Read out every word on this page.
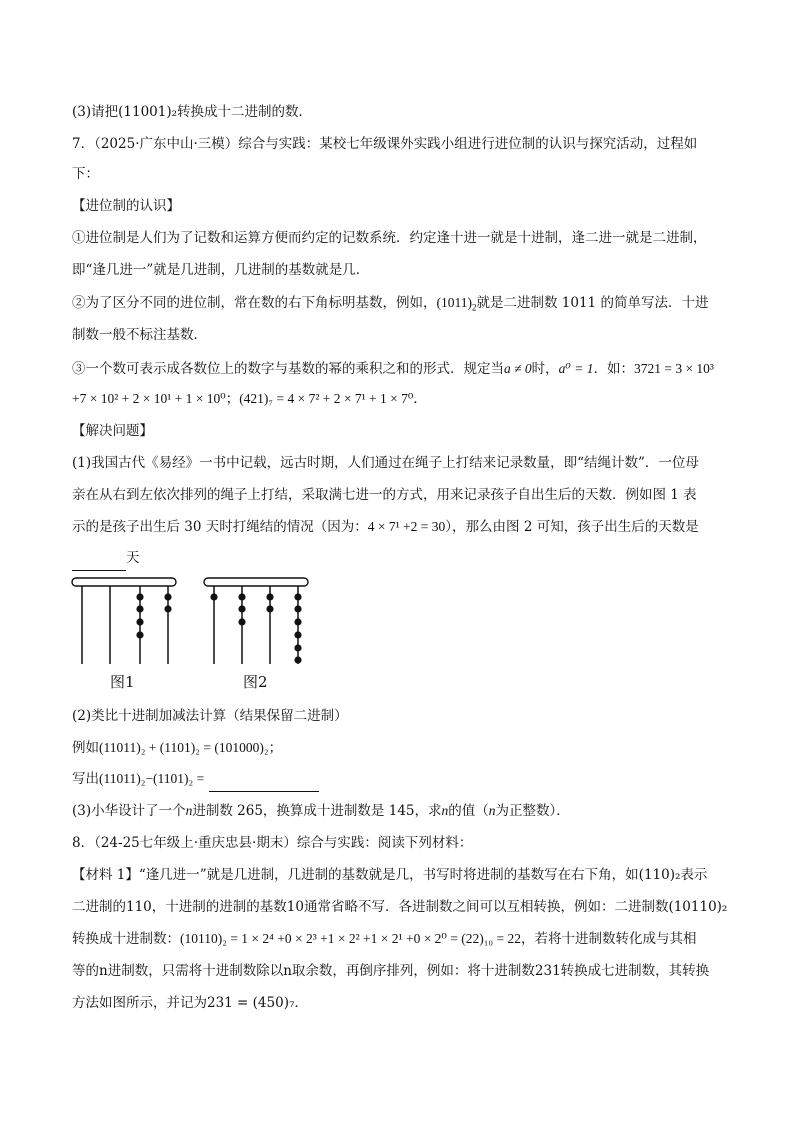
(3)请把(11001)₂转换成十二进制的数．
7．（2025·广东中山·三模）综合与实践：某校七年级课外实践小组进行进位制的认识与探究活动，过程如
下：
【进位制的认识】
①进位制是人们为了记数和运算方便而约定的记数系统．约定逢十进一就是十进制，逢二进一就是二进制，
即“逢几进一”就是几进制，几进制的基数就是几．
②为了区分不同的进位制，常在数的右下角标明基数，例如，$(1011)_2$就是二进制数 1011 的简单写法．十进
制数一般不标注基数．
③一个数可表示成各数位上的数字与基数的幂的乘积之和的形式．规定当a ≠ 0时，a⁰ = 1．如：3721 = 3 × 10³
+7 × 10² + 2 × 10¹ + 1 × 10⁰；(421)₇ = 4 × 7² + 2 × 7¹ + 1 × 7⁰．
【解决问题】
(1)我国古代《易经》一书中记载，远古时期，人们通过在绳子上打结来记录数量，即“结绳计数”．一位母
亲在从右到左依次排列的绳子上打结，采取满七进一的方式，用来记录孩子自出生后的天数．例如图 1 表
示的是孩子出生后 30 天时打绳结的情况（因为：4 × 7¹ +2 = 30），那么由图 2 可知，孩子出生后的天数是
天
图1	图2
(2)类比十进制加减法计算（结果保留二进制）
例如(11011)₂ + (1101)₂ = (101000)₂；
写出(11011)₂−(1101)₂ =
(3)小华设计了一个n进制数 265，换算成十进制数是 145，求n的值（n为正整数）．
8．（24-25七年级上·重庆忠县·期末）综合与实践：阅读下列材料：
【材料 1】“逢几进一”就是几进制，几进制的基数就是几，书写时将进制的基数写在右下角，如(110)₂表示
二进制的110，十进制的进制的基数10通常省略不写．各进制数之间可以互相转换，例如：二进制数(10110)₂
转换成十进制数：(10110)₂ = 1 × 2⁴ +0 × 2³ +1 × 2² +1 × 2¹ +0 × 2⁰ = (22)₁₀ = 22，若将十进制数转化成与其相
等的n进制数，只需将十进制数除以n取余数，再倒序排列，例如：将十进制数231转换成七进制数，其转换
方法如图所示，并记为231 = (450)₇．
